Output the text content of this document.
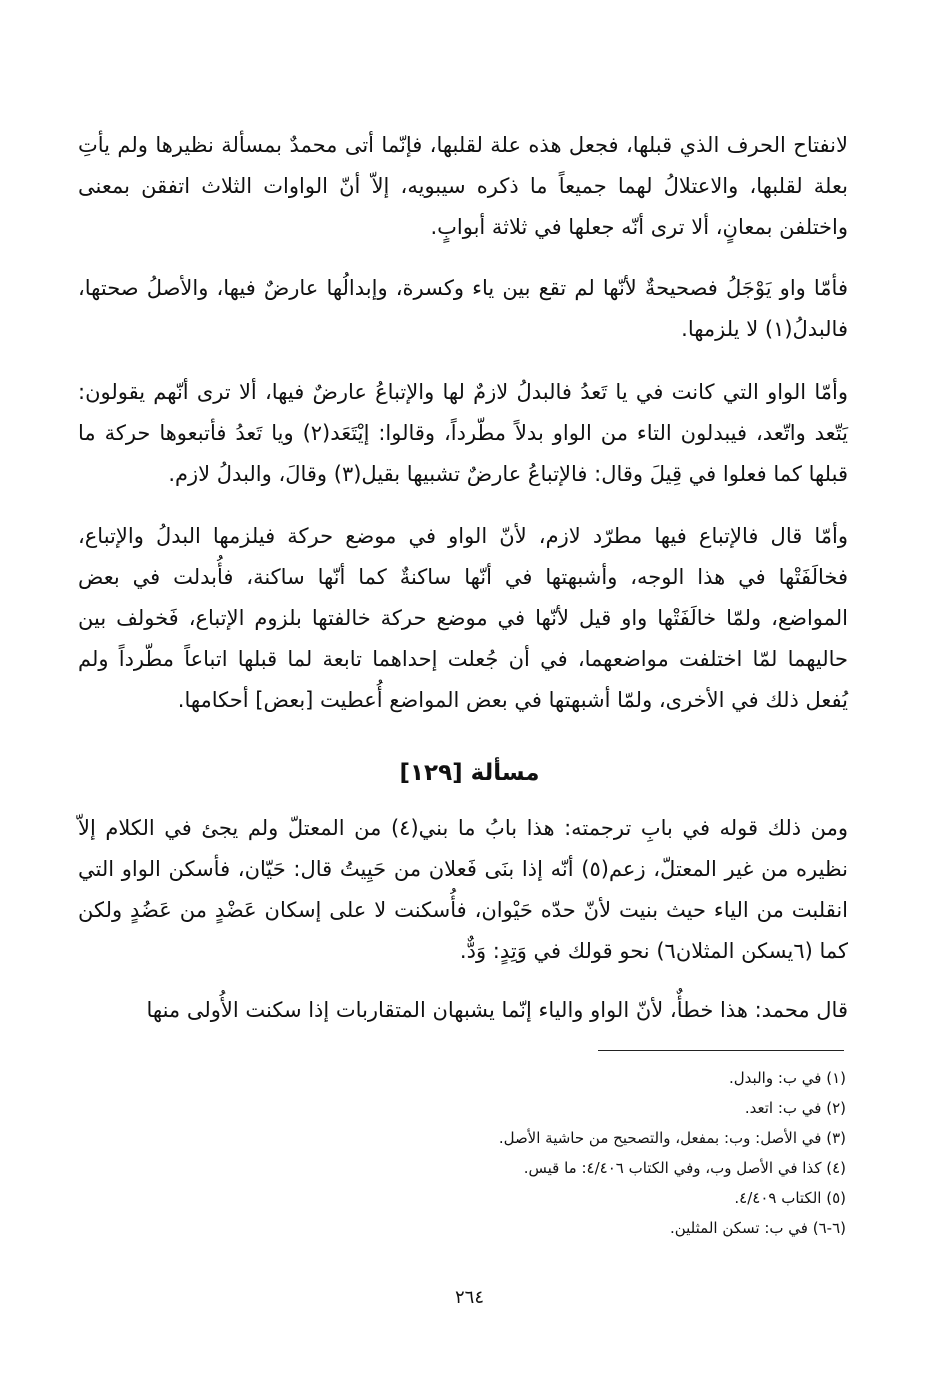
لانفتاح الحرف الذي قبلها، فجعل هذه علة لقلبها، فإنّما أتى محمدٌ بمسألة نظيرها ولم يأتِ بعلة لقلبها، والاعتلالُ لهما جميعاً ما ذكره سيبويه، إلاّ أنّ الواوات الثلاث اتفقن بمعنى واختلفن بمعانٍ، ألا ترى أنّه جعلها في ثلاثة أبوابٍ.

فأمّا واو يَوْجَلُ فصحيحةٌ لأنّها لم تقع بين ياء وكسرة، وإبدالُها عارضٌ فيها، والأصلُ صحتها، فالبدلُ(١) لا يلزمها.

وأمّا الواو التي كانت في يا تَعدُ فالبدلُ لازمٌ لها والإتباعُ عارضٌ فيها، ألا ترى أنّهم يقولون: يَتّعد واتّعد، فيبدلون التاء من الواو بدلاً مطّرداً، وقالوا: إيْتَعَد(٢) ويا تَعدُ فأتبعوها حركة ما قبلها كما فعلوا في قِيلَ وقال: فالإتباعُ عارضٌ تشبيها بقيل(٣) وقالَ، والبدلُ لازم.

وأمّا قال فالإتباع فيها مطرّد لازم، لأنّ الواو في موضع حركة فيلزمها البدلُ والإتباع، فخالَفَتْها في هذا الوجه، وأشبهتها في أنّها ساكنةٌ كما أنّها ساكنة، فأُبدلت في بعض المواضع، ولمّا خالَفَتْها واو قيل لأنّها في موضع حركة خالفتها بلزوم الإتباع، فَخولف بين حاليهما لمّا اختلفت مواضعهما، في أن جُعلت إحداهما تابعة لما قبلها اتباعاً مطّرداً ولم يُفعل ذلك في الأخرى، ولمّا أشبهتها في بعض المواضع أُعطيت [بعض] أحكامها.

مسألة [١٢٩]

ومن ذلك قوله في بابِ ترجمته: هذا بابُ ما بني(٤) من المعتلّ ولم يجئ في الكلام إلاّ نظيره من غير المعتلّ، زعم(٥) أنّه إذا بنَى فَعلان من حَيِيتُ قال: حَيّان، فأسكن الواو التي انقلبت من الياء حيث بنيت لأنّ حدّه حَيْوان، فأُسكنت لا على إسكان عَضْدٍ من عَضُدٍ ولكن كما (٦يسكن المثلان٦) نحو قولك في وَتِدٍ: وَدٌّ.

قال محمد: هذا خطأٌ، لأنّ الواو والياء إنّما يشبهان المتقاربات إذا سكنت الأُولى منها

(١) في ب: والبدل.
(٢) في ب: اتعد.
(٣) في الأصل: وب: بمفعل، والتصحيح من حاشية الأصل.
(٤) كذا في الأصل وب، وفي الكتاب ٤/٤٠٦: ما قيس.
(٥) الكتاب ٤/٤٠٩.
(٦-٦) في ب: تسكن المثلين.
٢٦٤
